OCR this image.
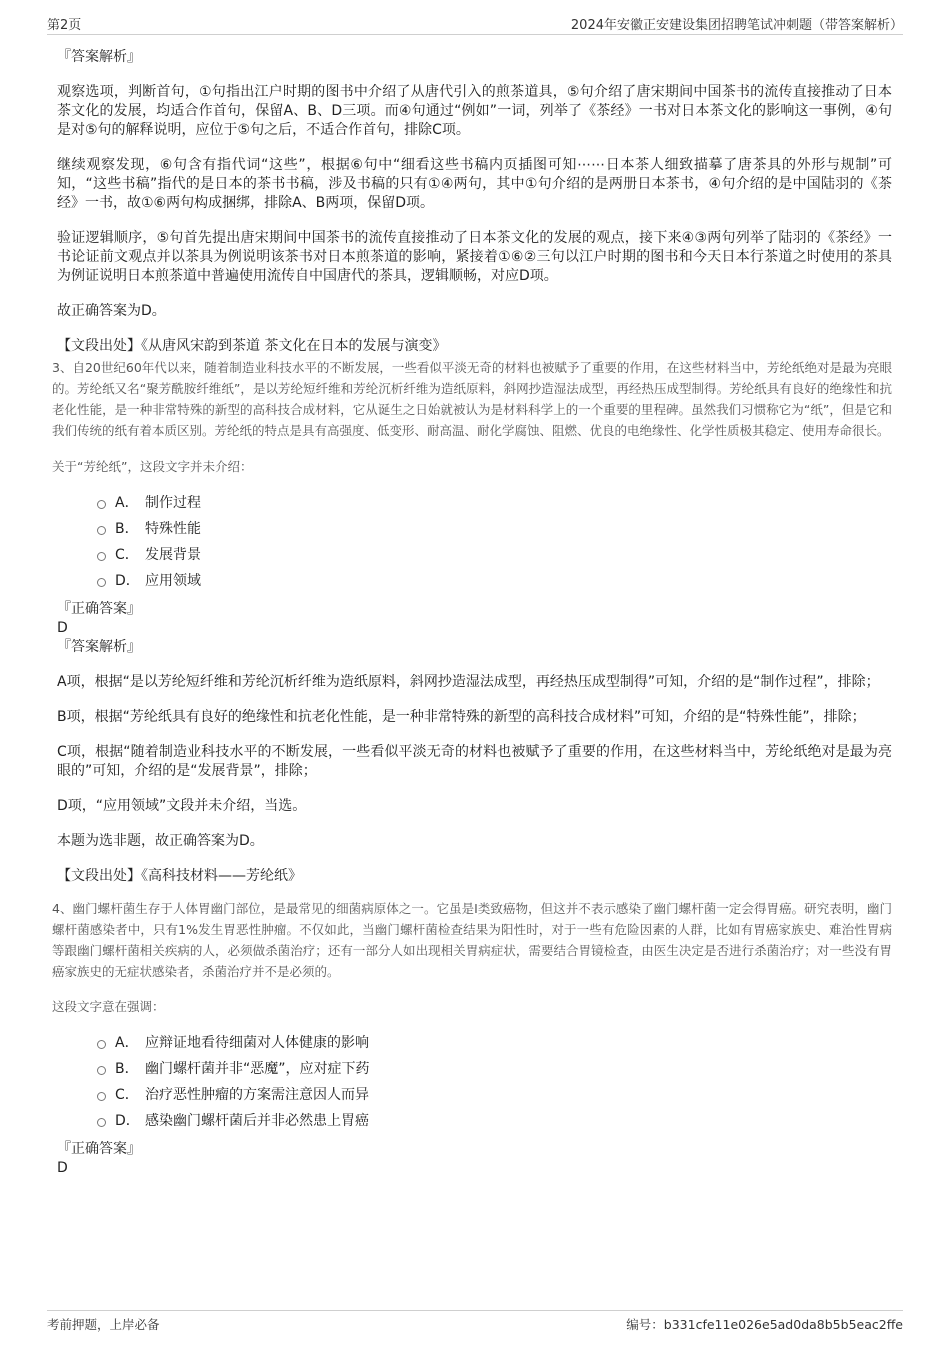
第2页	2024年安徽正安建设集团招聘笔试冲刺题（带答案解析）

『答案解析』

观察选项，判断首句，①句指出江户时期的图书中介绍了从唐代引入的煎茶道具，⑤句介绍了唐宋期间中国茶书的流传直接推动了日本茶文化的发展，均适合作首句，保留A、B、D三项。而④句通过“例如”一词，列举了《茶经》一书对日本茶文化的影响这一事例，④句是对⑤句的解释说明，应位于⑤句之后，不适合作首句，排除C项。

继续观察发现，⑥句含有指代词“这些”，根据⑥句中“细看这些书稿内页插图可知⋯⋯日本茶人细致描摹了唐茶具的外形与规制”可知，“这些书稿”指代的是日本的茶书书稿，涉及书稿的只有①④两句，其中①句介绍的是两册日本茶书，④句介绍的是中国陆羽的《茶经》一书，故①⑥两句构成捆绑，排除A、B两项，保留D项。

验证逻辑顺序，⑤句首先提出唐宋期间中国茶书的流传直接推动了日本茶文化的发展的观点，接下来④③两句列举了陆羽的《茶经》一书论证前文观点并以茶具为例说明该茶书对日本煎茶道的影响，紧接着①⑥②三句以江户时期的图书和今天日本行茶道之时使用的茶具为例证说明日本煎茶道中普遍使用流传自中国唐代的茶具，逻辑顺畅，对应D项。

故正确答案为D。

【文段出处】《从唐风宋韵到茶道 茶文化在日本的发展与演变》

3、自20世纪60年代以来，随着制造业科技水平的不断发展，一些看似平淡无奇的材料也被赋予了重要的作用，在这些材料当中，芳纶纸绝对是最为亮眼的。芳纶纸又名“聚芳酰胺纤维纸”，是以芳纶短纤维和芳纶沉析纤维为造纸原料，斜网抄造湿法成型，再经热压成型制得。芳纶纸具有良好的绝缘性和抗老化性能，是一种非常特殊的新型的高科技合成材料，它从诞生之日始就被认为是材料科学上的一个重要的里程碑。虽然我们习惯称它为“纸”，但是它和我们传统的纸有着本质区别。芳纶纸的特点是具有高强度、低变形、耐高温、耐化学腐蚀、阻燃、优良的电绝缘性、化学性质极其稳定、使用寿命很长。

关于“芳纶纸”，这段文字并未介绍：

A． 制作过程
B． 特殊性能
C． 发展背景
D． 应用领域

『正确答案』

D

『答案解析』

A项，根据“是以芳纶短纤维和芳纶沉析纤维为造纸原料，斜网抄造湿法成型，再经热压成型制得”可知，介绍的是“制作过程”，排除；

B项，根据“芳纶纸具有良好的绝缘性和抗老化性能，是一种非常特殊的新型的高科技合成材料”可知，介绍的是“特殊性能”，排除；

C项，根据“随着制造业科技水平的不断发展，一些看似平淡无奇的材料也被赋予了重要的作用，在这些材料当中，芳纶纸绝对是最为亮眼的”可知，介绍的是“发展背景”，排除；

D项，“应用领域”文段并未介绍，当选。

本题为选非题，故正确答案为D。

【文段出处】《高科技材料——芳纶纸》

4、幽门螺杆菌生存于人体胃幽门部位，是最常见的细菌病原体之一。它虽是Ⅰ类致癌物，但这并不表示感染了幽门螺杆菌一定会得胃癌。研究表明，幽门螺杆菌感染者中，只有1%发生胃恶性肿瘤。不仅如此，当幽门螺杆菌检查结果为阳性时，对于一些有危险因素的人群，比如有胃癌家族史、难治性胃病等跟幽门螺杆菌相关疾病的人，必须做杀菌治疗；还有一部分人如出现相关胃病症状，需要结合胃镜检查，由医生决定是否进行杀菌治疗；对一些没有胃癌家族史的无症状感染者，杀菌治疗并不是必须的。

这段文字意在强调：

A． 应辩证地看待细菌对人体健康的影响
B． 幽门螺杆菌并非“恶魔”，应对症下药
C． 治疗恶性肿瘤的方案需注意因人而异
D． 感染幽门螺杆菌后并非必然患上胃癌

『正确答案』

D

考前押题，上岸必备	编号：b331cfe11e026e5ad0da8b5b5eac2ffe
